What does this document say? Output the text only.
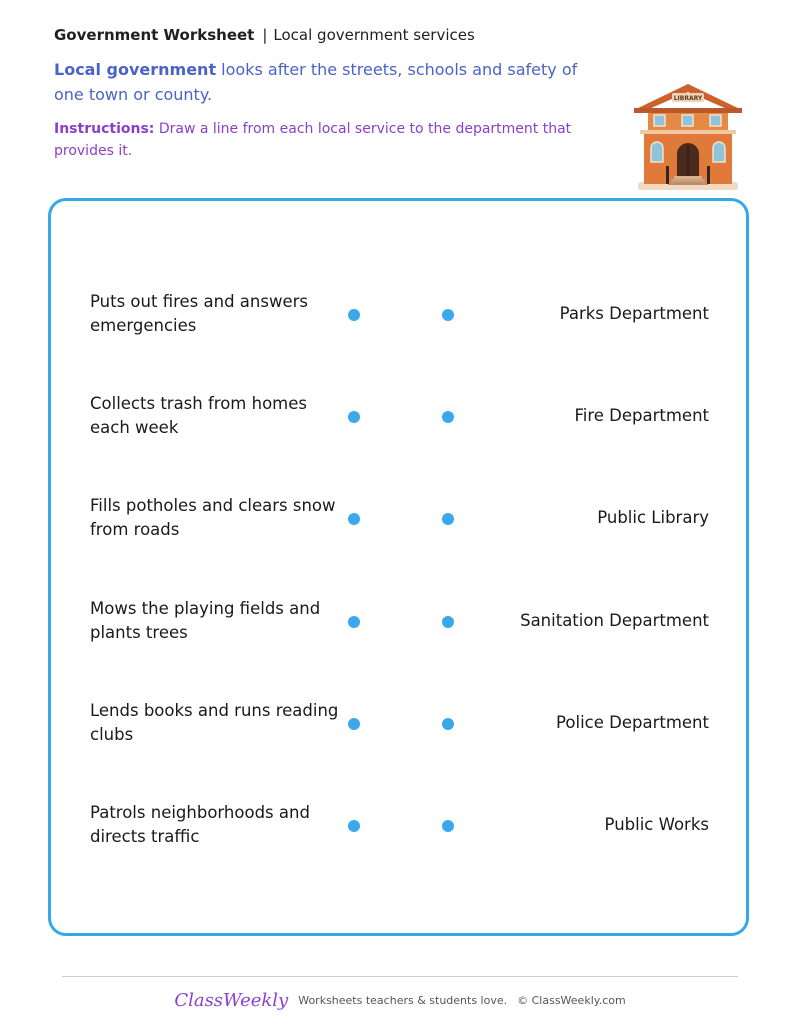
Government Worksheet | Local government services
Local government looks after the streets, schools and safety of one town or county.
Instructions: Draw a line from each local service to the department that provides it.
LIBRARY
Puts out fires and answers emergencies
Parks Department
Collects trash from homes each week
Fire Department
Fills potholes and clears snow from roads
Public Library
Mows the playing fields and plants trees
Sanitation Department
Lends books and runs reading clubs
Police Department
Patrols neighborhoods and directs traffic
Public Works
ClassWeekly Worksheets teachers & students love. © ClassWeekly.com
